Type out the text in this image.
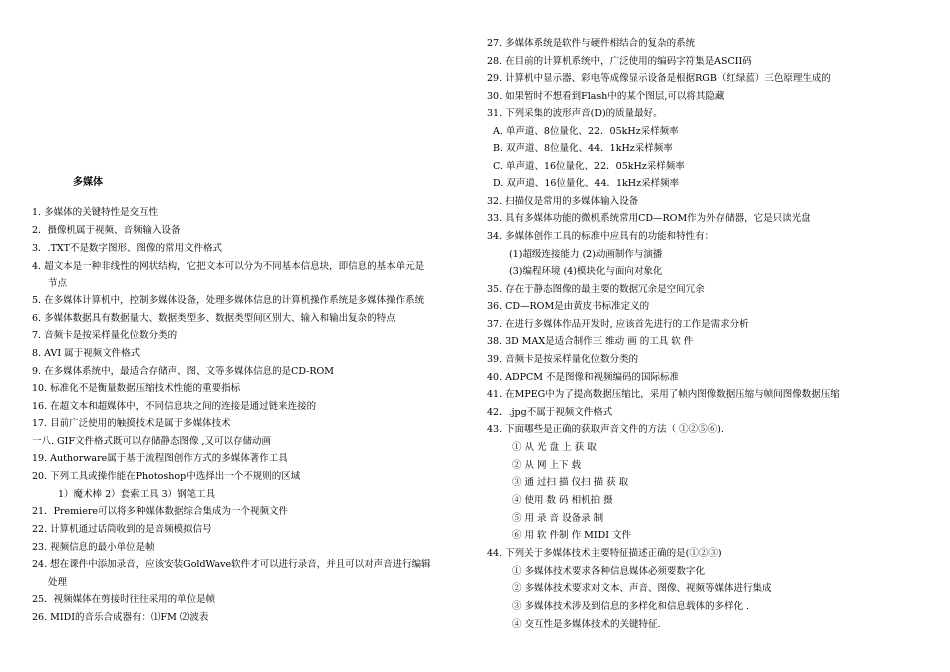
多媒体
1. 多媒体的关键特性是交互性
2．摄像机属于视频、音频输入设备
3．.TXT不是数字图形、图像的常用文件格式
4. 超文本是一种非线性的网状结构，它把文本可以分为不同基本信息块，即信息的基本单元是
节点
5. 在多媒体计算机中，控制多媒体设备，处理多媒体信息的计算机操作系统是多媒体操作系统
6. 多媒体数据具有数据量大、数据类型多、数据类型间区别大、输入和输出复杂的特点
7. 音频卡是按采样量化位数分类的
8. AVI 属于视频文件格式
9. 在多媒体系统中，最适合存储声、图、文等多媒体信息的是CD-ROM
10. 标准化不是衡量数据压缩技术性能的重要指标
16. 在超文本和超媒体中，不同信息块之间的连接是通过链来连接的
17. 目前广泛使用的触摸技术是属于多媒体技术
一八. GIF文件格式既可以存储静态图像 ,又可以存储动画
19. Authorware属于基于流程图创作方式的多媒体著作工具
20. 下列工具或操作能在Photoshop中选择出一个不规则的区域
1）魔术棒 2）套索工具 3）钢笔工具
21．Premiere可以将多种媒体数据综合集成为一个视频文件
22. 计算机通过话筒收到的是音频模拟信号
23. 视频信息的最小单位是帧
24. 想在课件中添加录音，应该安装GoldWave软件才可以进行录音，并且可以对声音进行编辑
处理
25．视频媒体在剪接时往往采用的单位是帧
26. MIDI的音乐合成器有：⑴FM ⑵波表
27. 多媒体系统是软件与硬件相结合的复杂的系统
28. 在目前的计算机系统中，广泛使用的编码字符集是ASCII码
29. 计算机中显示器、彩电等成像显示设备是根据RGB（红绿蓝）三色原理生成的
30. 如果暂时不想看到Flash中的某个图层,可以将其隐藏
31. 下列采集的波形声音(D)的质量最好。
A. 单声道、8位量化、22．05kHz采样频率
B. 双声道、8位量化、44．1kHz采样频率
C. 单声道、16位量化、22．05kHz采样频率
D. 双声道、16位量化、44．1kHz采样频率
32. 扫描仪是常用的多媒体输入设备
33. 具有多媒体功能的微机系统常用CD—ROM作为外存储器，它是只读光盘
34. 多媒体创作工具的标准中应具有的功能和特性有：
(1)超级连接能力 (2)动画制作与演播
(3)编程环境 (4)模块化与面向对象化
35. 存在于静态图像的最主要的数据冗余是空间冗余
36. CD—ROM是由黄皮书标准定义的
37. 在进行多媒体作品开发时, 应该首先进行的工作是需求分析
38. 3D MAX是适合制作三 维动 画 的工具 软 件
39. 音频卡是按采样量化位数分类的
40. ADPCM 不是图像和视频编码的国际标准
41. 在MPEG中为了提高数据压缩比，采用了帧内图像数据压缩与帧间图像数据压缩
42．.jpg不属于视频文件格式
43. 下面哪些是正确的获取声音文件的方法（ ①②⑤⑥).
① 从 光 盘 上 获 取
② 从 网 上下 载
③ 通 过扫 描 仪扫 描 获 取
④ 使用 数 码 相机拍 摄
⑤ 用 录 音 设备录 制
⑥ 用 软 件制 作 MIDI 文件
44. 下列关于多媒体技术主要特征描述正确的是(①②③)
① 多媒体技术要求各种信息媒体必须要数字化
② 多媒体技术要求对文本、声音、图像、视频等媒体进行集成
③ 多媒体技术涉及到信息的多样化和信息载体的多样化 .
④ 交互性是多媒体技术的关键特征.
